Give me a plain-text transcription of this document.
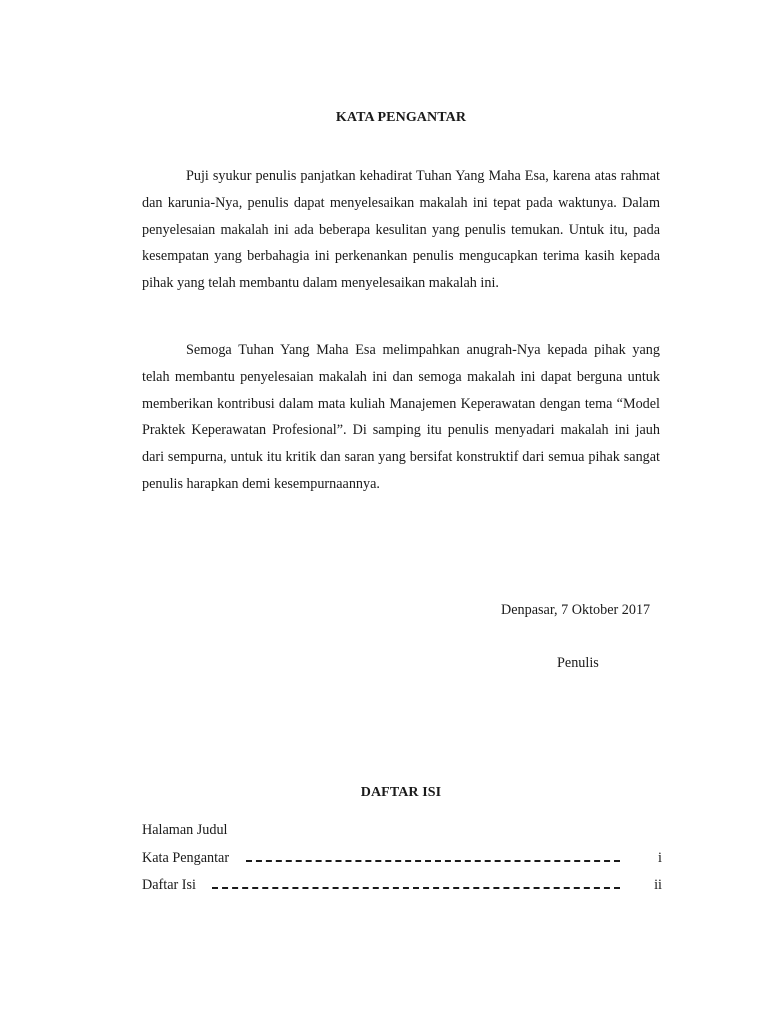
KATA PENGANTAR

Puji syukur penulis panjatkan kehadirat Tuhan Yang Maha Esa, karena atas rahmat dan karunia-Nya, penulis dapat menyelesaikan makalah ini tepat pada waktunya. Dalam penyelesaian makalah ini ada beberapa kesulitan yang penulis temukan. Untuk itu, pada kesempatan yang berbahagia ini perkenankan penulis mengucapkan terima kasih kepada pihak yang telah membantu dalam menyelesaikan makalah ini.

Semoga Tuhan Yang Maha Esa melimpahkan anugrah-Nya kepada pihak yang telah membantu penyelesaian makalah ini dan semoga makalah ini dapat berguna untuk memberikan kontribusi dalam mata kuliah Manajemen Keperawatan dengan tema “Model Praktek Keperawatan Profesional”. Di samping itu penulis menyadari makalah ini jauh dari sempurna, untuk itu kritik dan saran yang bersifat konstruktif dari semua pihak sangat penulis harapkan demi kesempurnaannya.

Denpasar, 7 Oktober 2017
Penulis
DAFTAR ISI
Halaman Judul
Kata Pengantar	i
Daftar Isi	ii
